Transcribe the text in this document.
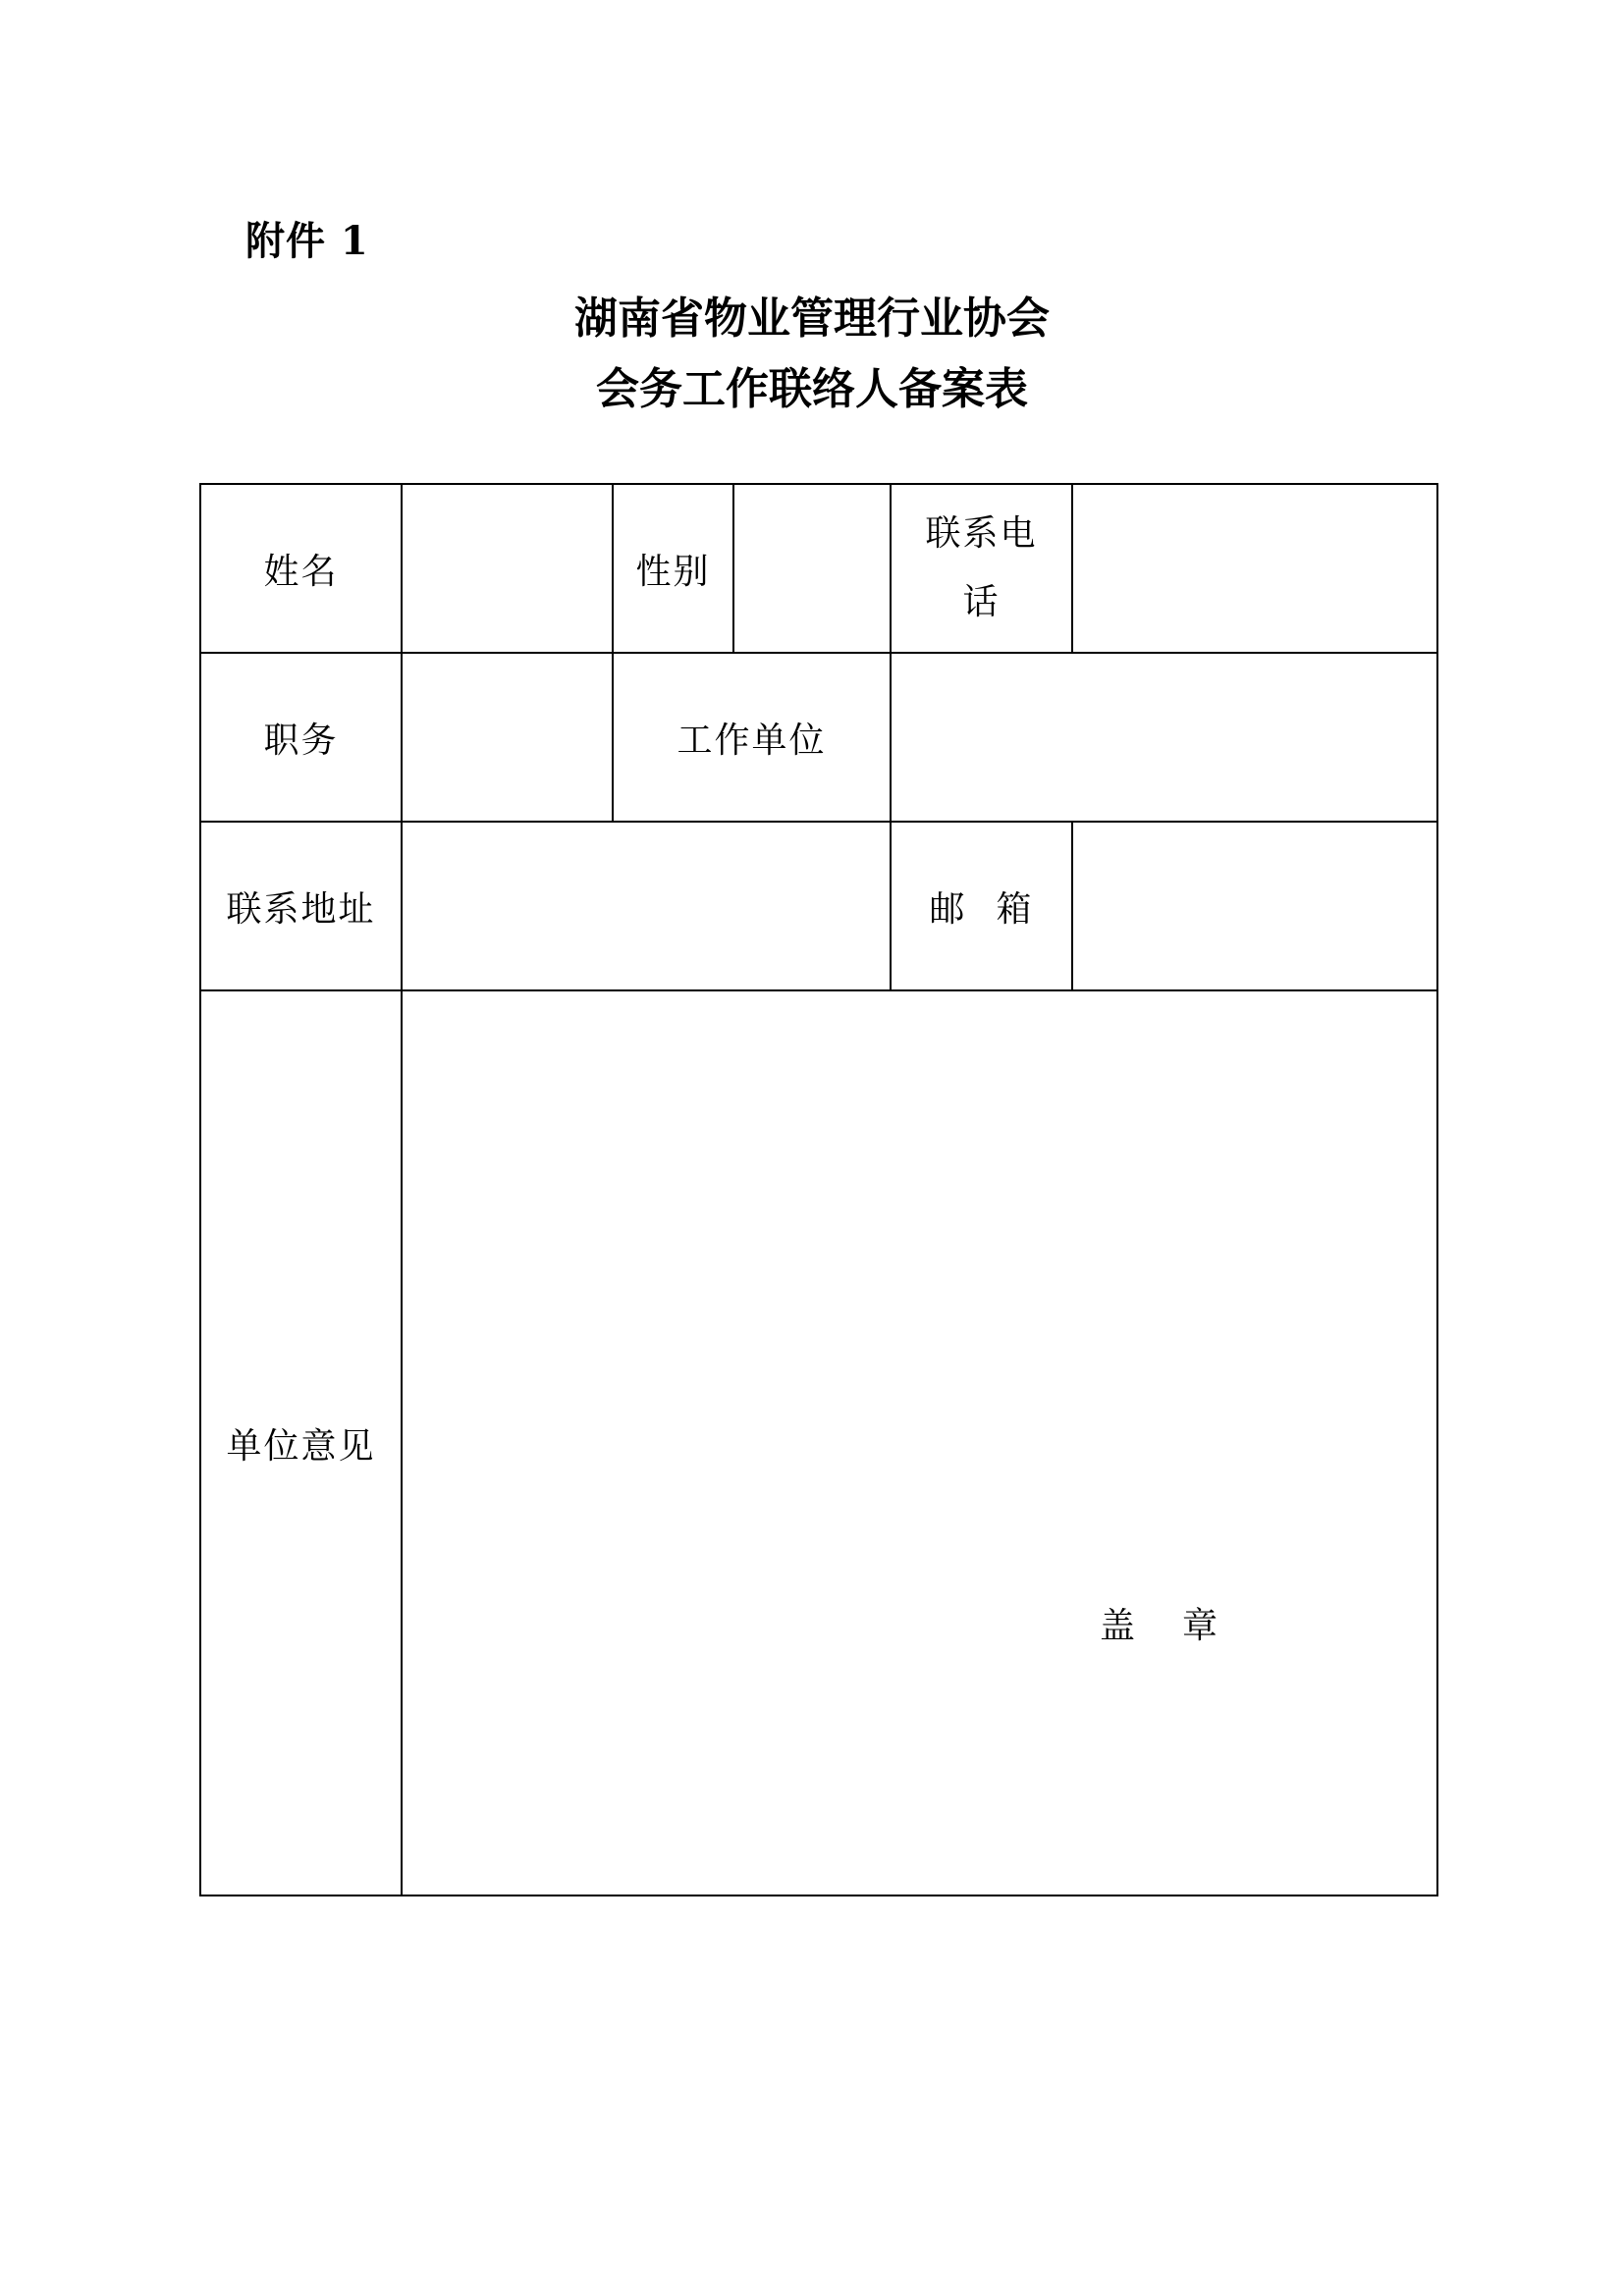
附件 1
湖南省物业管理行业协会
会务工作联络人备案表
姓名		性别		联系电
话	
职务		工作单位			
联系地址				邮 箱	
单位意见	盖 章				
